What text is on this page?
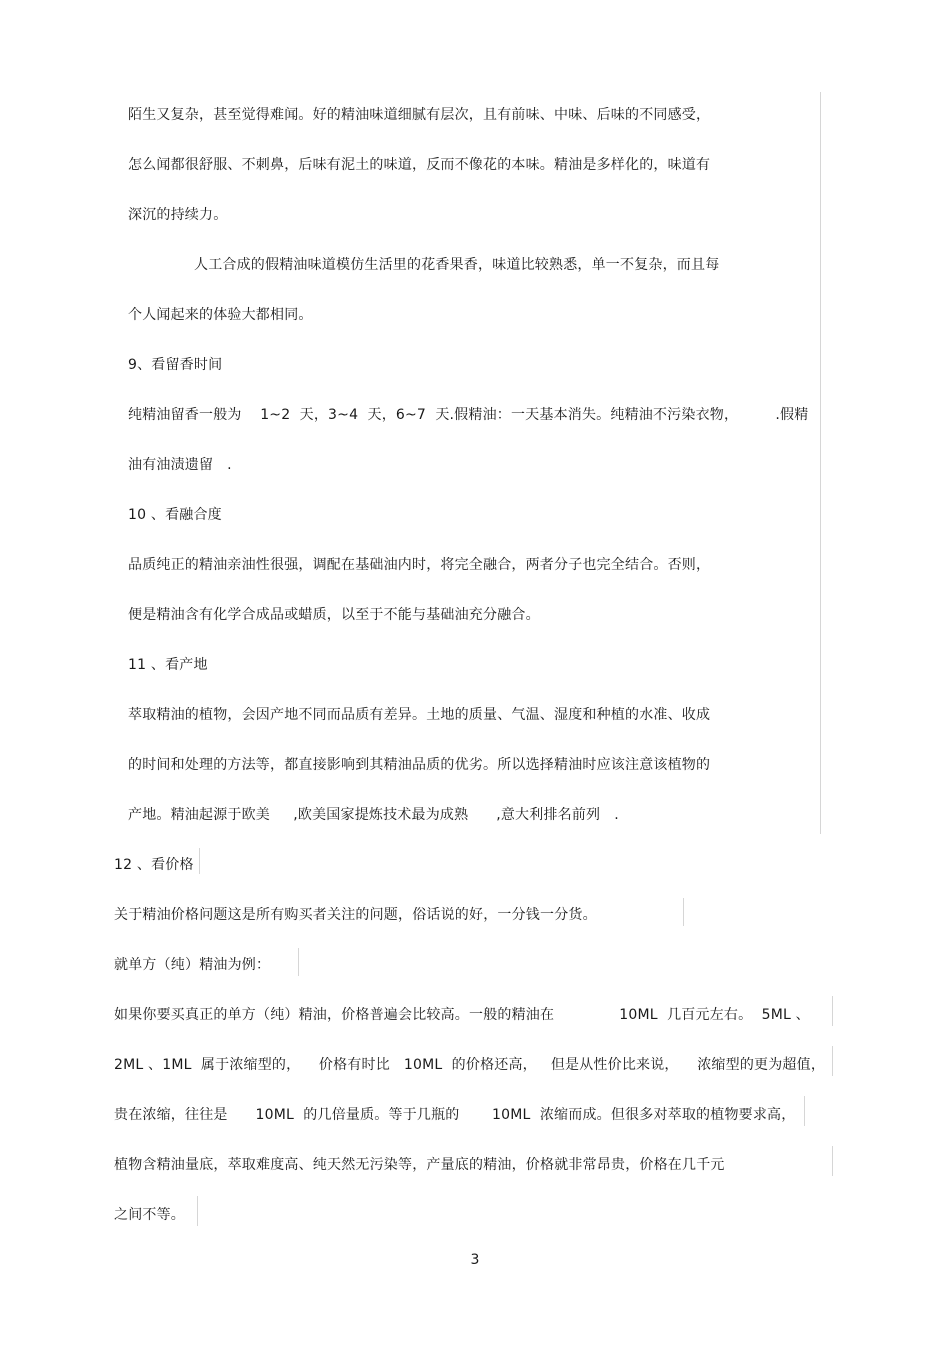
陌生又复杂，甚至觉得难闻。好的精油味道细腻有层次，且有前味、中味、后味的不同感受，
怎么闻都很舒服、不刺鼻，后味有泥土的味道，反而不像花的本味。精油是多样化的，味道有
深沉的持续力。
人工合成的假精油味道模仿生活里的花香果香，味道比较熟悉，单一不复杂，而且每
个人闻起来的体验大都相同。
9、看留香时间
纯精油留香一般为    1~2  天，3~4  天，6~7  天.假精油：一天基本消失。纯精油不污染衣物，        .假精
油有油渍遗留   .
10 、看融合度
品质纯正的精油亲油性很强，调配在基础油内时，将完全融合，两者分子也完全结合。否则，
便是精油含有化学合成品或蜡质，以至于不能与基础油充分融合。
11 、看产地
萃取精油的植物，会因产地不同而品质有差异。土地的质量、气温、湿度和种植的水准、收成
的时间和处理的方法等，都直接影响到其精油品质的优劣。所以选择精油时应该注意该植物的
产地。精油起源于欧美     ,欧美国家提炼技术最为成熟      ,意大利排名前列   .
12 、看价格
关于精油价格问题这是所有购买者关注的问题，俗话说的好，一分钱一分货。
就单方（纯）精油为例：
如果你要买真正的单方（纯）精油，价格普遍会比较高。一般的精油在              10ML  几百元左右。  5ML 、
2ML 、1ML  属于浓缩型的，    价格有时比   10ML  的价格还高，   但是从性价比来说，    浓缩型的更为超值，
贵在浓缩，往往是      10ML  的几倍量质。等于几瓶的       10ML  浓缩而成。但很多对萃取的植物要求高，
植物含精油量底，萃取难度高、纯天然无污染等，产量底的精油，价格就非常昂贵，价格在几千元
之间不等。
3
